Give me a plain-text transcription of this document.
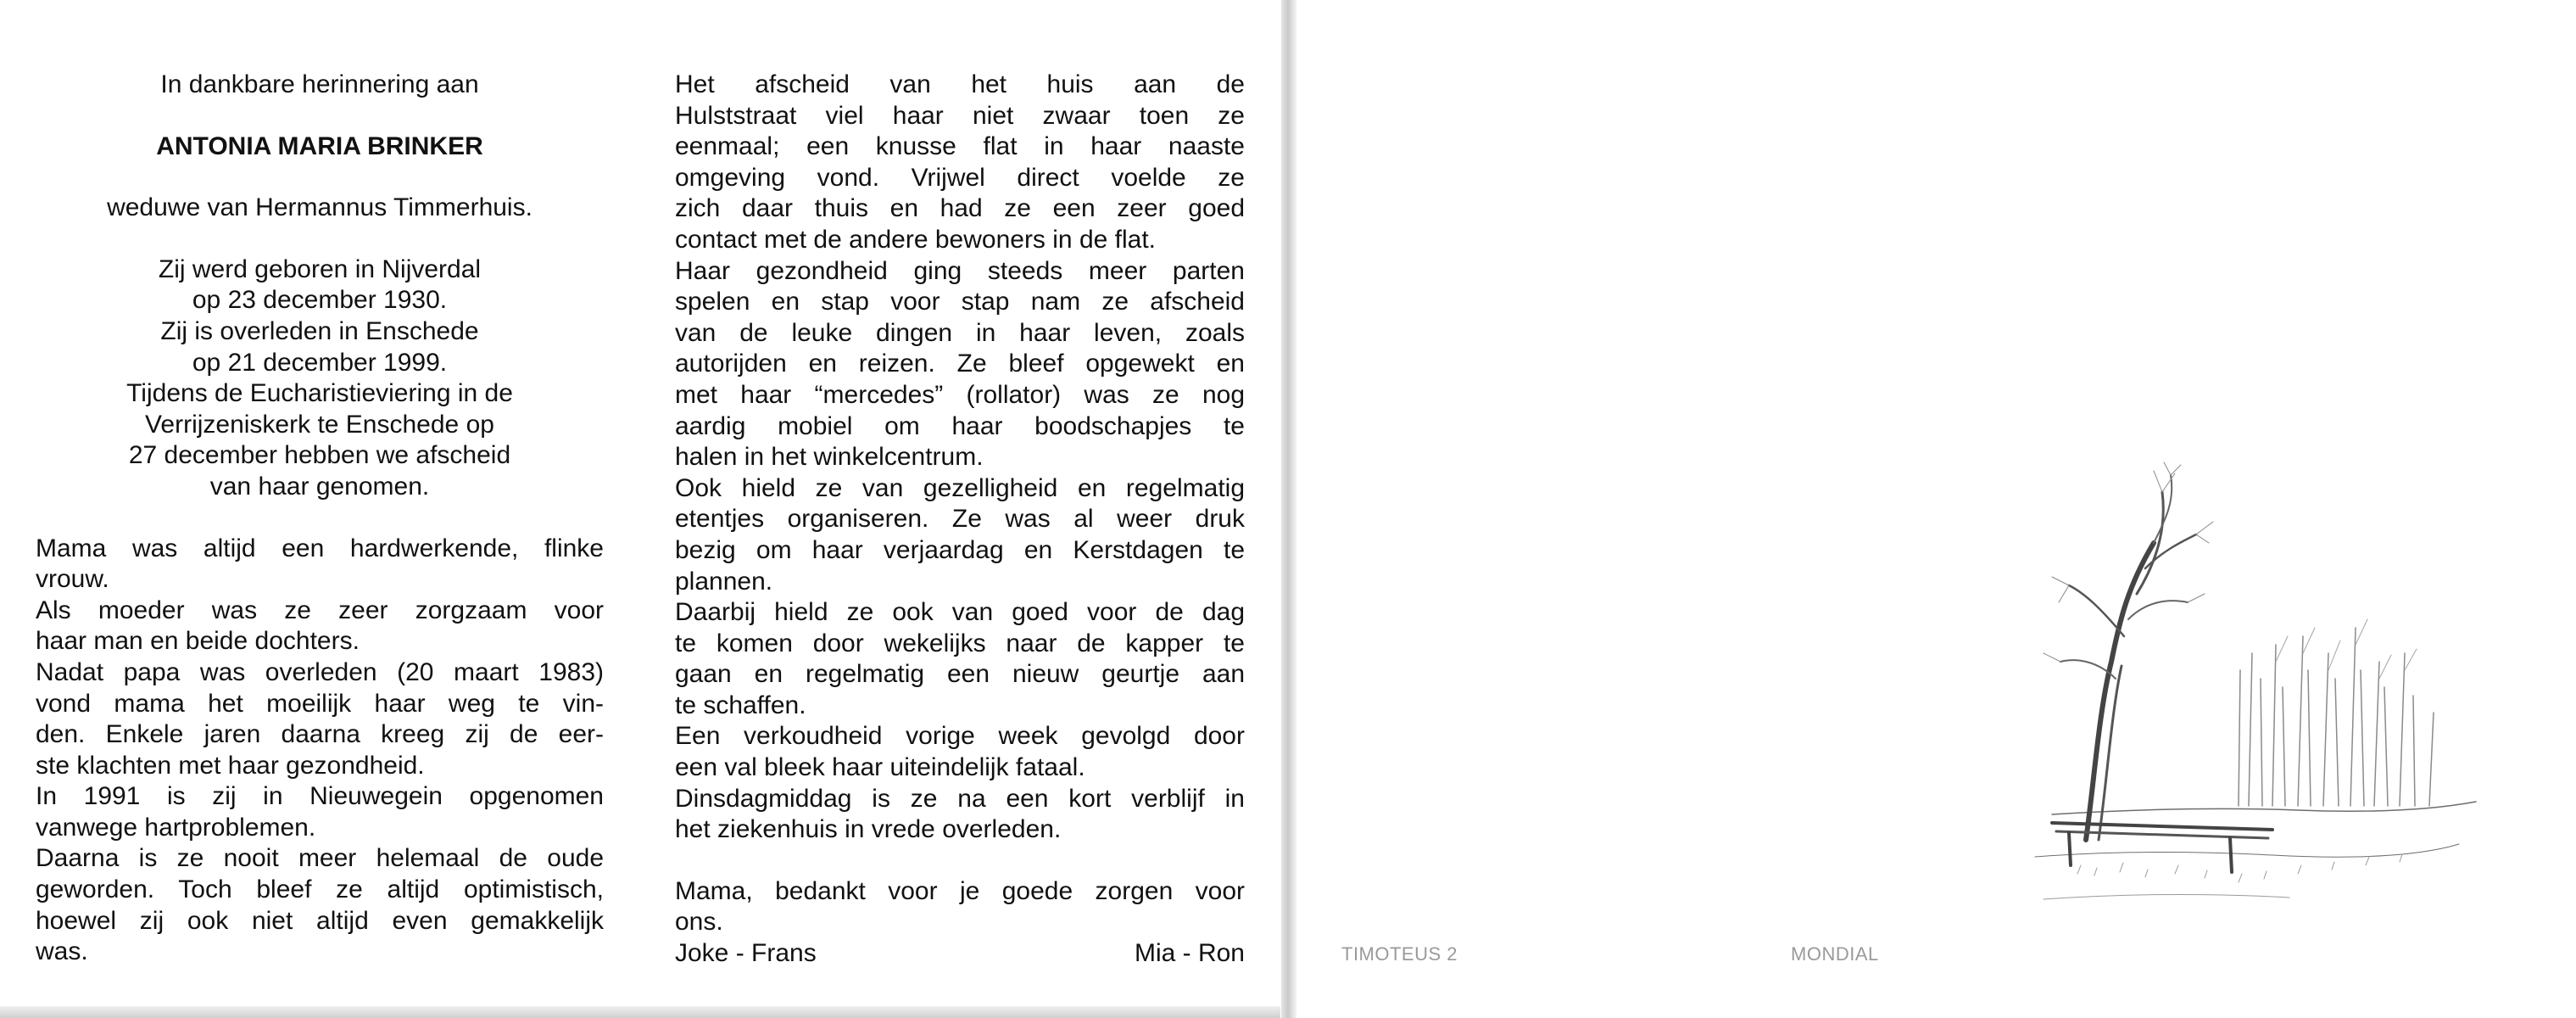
In dankbare herinnering aan
ANTONIA MARIA BRINKER
weduwe van Hermannus Timmerhuis.
Zij werd geboren in Nijverdal
op 23 december 1930.
Zij is overleden in Enschede
op 21 december 1999.
Tijdens de Eucharistieviering in de
Verrijzeniskerk te Enschede op
27 december hebben we afscheid
van haar genomen.
Mama was altijd een hardwerkende, flinke
vrouw.
Als moeder was ze zeer zorgzaam voor
haar man en beide dochters.
Nadat papa was overleden (20 maart 1983)
vond mama het moeilijk haar weg te vin-
den. Enkele jaren daarna kreeg zij de eer-
ste klachten met haar gezondheid.
In 1991 is zij in Nieuwegein opgenomen
vanwege hartproblemen.
Daarna is ze nooit meer helemaal de oude
geworden. Toch bleef ze altijd optimistisch,
hoewel zij ook niet altijd even gemakkelijk
was.
Het afscheid van het huis aan de
Hulststraat viel haar niet zwaar toen ze
eenmaal; een knusse flat in haar naaste
omgeving vond. Vrijwel direct voelde ze
zich daar thuis en had ze een zeer goed
contact met de andere bewoners in de flat.
Haar gezondheid ging steeds meer parten
spelen en stap voor stap nam ze afscheid
van de leuke dingen in haar leven, zoals
autorijden en reizen. Ze bleef opgewekt en
met haar “mercedes” (rollator) was ze nog
aardig mobiel om haar boodschapjes te
halen in het winkelcentrum.
Ook hield ze van gezelligheid en regelmatig
etentjes organiseren. Ze was al weer druk
bezig om haar verjaardag en Kerstdagen te
plannen.
Daarbij hield ze ook van goed voor de dag
te komen door wekelijks naar de kapper te
gaan en regelmatig een nieuw geurtje aan
te schaffen.
Een verkoudheid vorige week gevolgd door
een val bleek haar uiteindelijk fataal.
Dinsdagmiddag is ze na een kort verblijf in
het ziekenhuis in vrede overleden.
Mama, bedankt voor je goede zorgen voor
ons.
Joke - Frans	Mia - Ron	TIMOTEUS 2	MONDIAL
